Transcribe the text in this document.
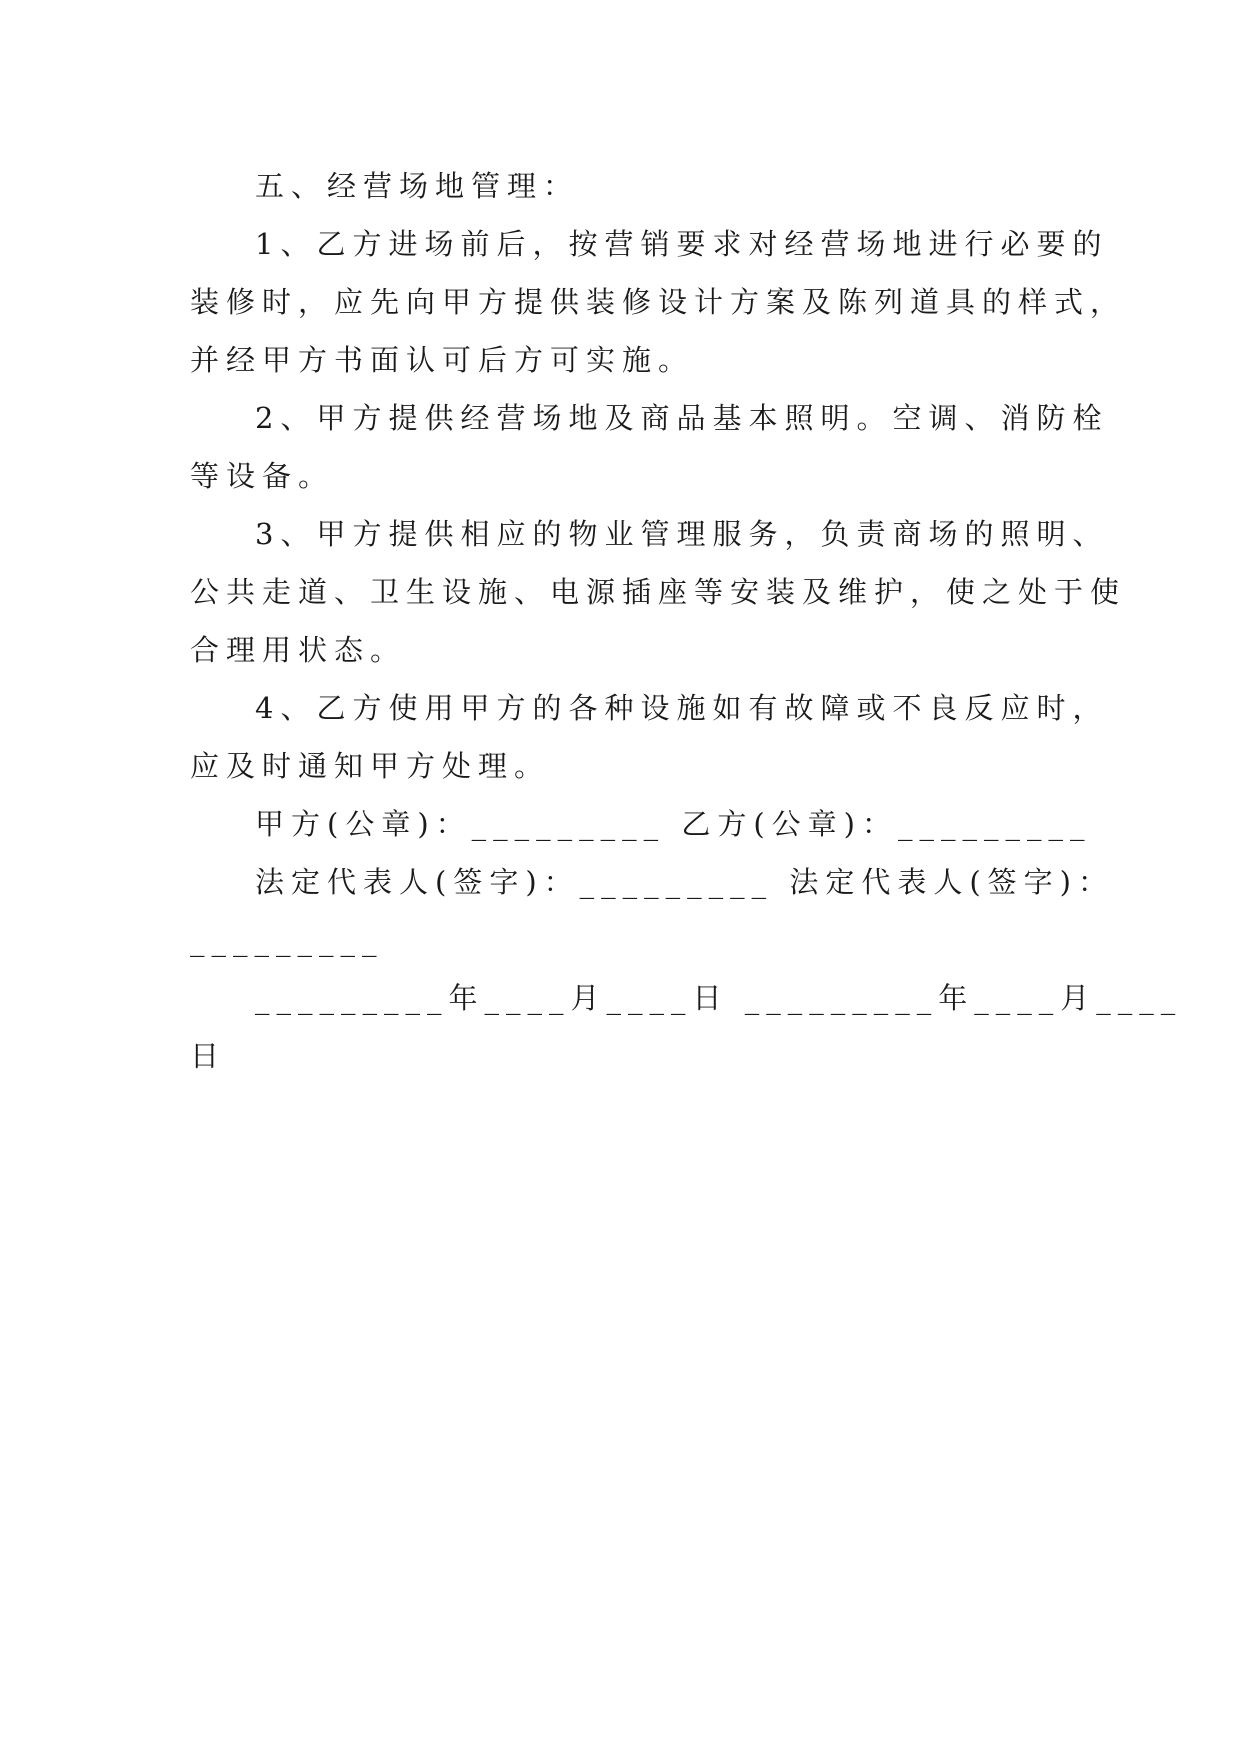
五、经营场地管理：
1、乙方进场前后，按营销要求对经营场地进行必要的
装修时，应先向甲方提供装修设计方案及陈列道具的样式，
并经甲方书面认可后方可实施。
2、甲方提供经营场地及商品基本照明。空调、消防栓
等设备。
3、甲方提供相应的物业管理服务，负责商场的照明、
公共走道、卫生设施、电源插座等安装及维护，使之处于使
合理用状态。
4、乙方使用甲方的各种设施如有故障或不良反应时，
应及时通知甲方处理。
甲方(公章)：_________ 乙方(公章)：_________
法定代表人(签字)：_________ 法定代表人(签字)：
_________
_________年____月____日 _________年____月____
日
